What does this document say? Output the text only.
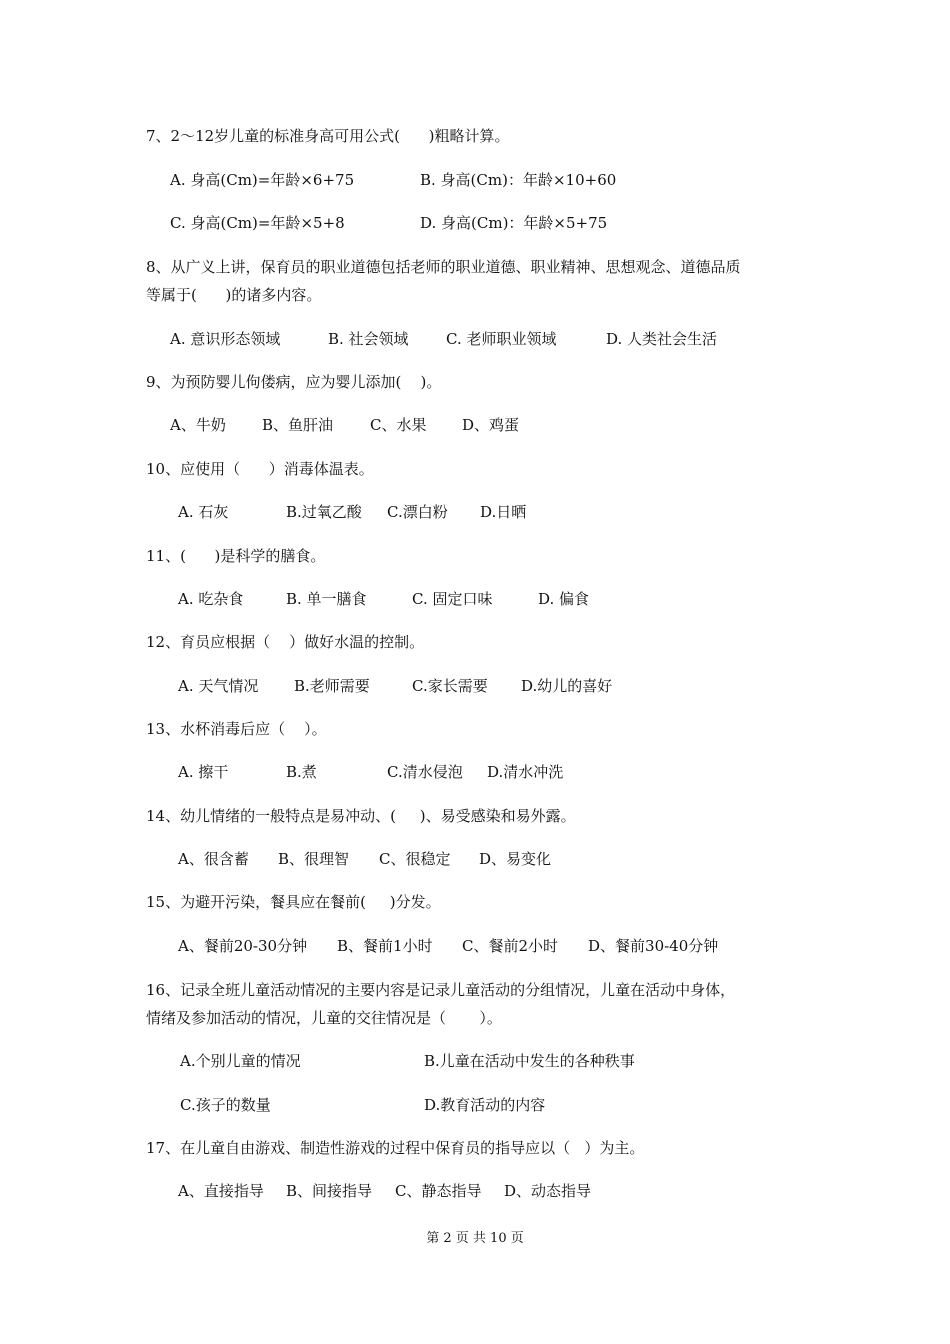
7、2～12岁儿童的标准身高可用公式(      )粗略计算。
A. 身高(Cm)=年龄×6+75	B. 身高(Cm)：年龄×10+60
C. 身高(Cm)=年龄×5+8	D. 身高(Cm)：年龄×5+75
8、从广义上讲，保育员的职业道德包括老师的职业道德、职业精神、思想观念、道德品质
等属于(      )的诸多内容。
A. 意识形态领域	B. 社会领域 C. 老师职业领域	D. 人类社会生活
9、为预防婴儿佝偻病，应为婴儿添加(    )。
A、牛奶 B、鱼肝油 C、水果 D、鸡蛋
10、应使用（      ）消毒体温表。
A. 石灰	B.过氧乙酸 C.漂白粉 D.日晒
11、(      )是科学的膳食。
A. 吃杂食	B. 单一膳食	C. 固定口味	D. 偏食
12、育员应根据（    ）做好水温的控制。
A. 天气情况 B.老师需要	C.家长需要 D.幼儿的喜好
13、水杯消毒后应（    ）。
A. 擦干	B.煮	C.清水侵泡 D.清水冲洗
14、幼儿情绪的一般特点是易冲动、(     )、易受感染和易外露。
A、很含蓄 B、很理智 C、很稳定 D、易变化
15、为避开污染，餐具应在餐前(     )分发。
A、餐前20-30分钟 B、餐前1小时 C、餐前2小时 D、餐前30-40分钟
16、记录全班儿童活动情况的主要内容是记录儿童活动的分组情况，儿童在活动中身体，
情绪及参加活动的情况，儿童的交往情况是（       ）。
A.个别儿童的情况	B.儿童在活动中发生的各种秩事
C.孩子的数量	D.教育活动的内容
17、在儿童自由游戏、制造性游戏的过程中保育员的指导应以（   ）为主。
A、直接指导 B、间接指导 C、静态指导 D、动态指导
第 2 页 共 10 页
